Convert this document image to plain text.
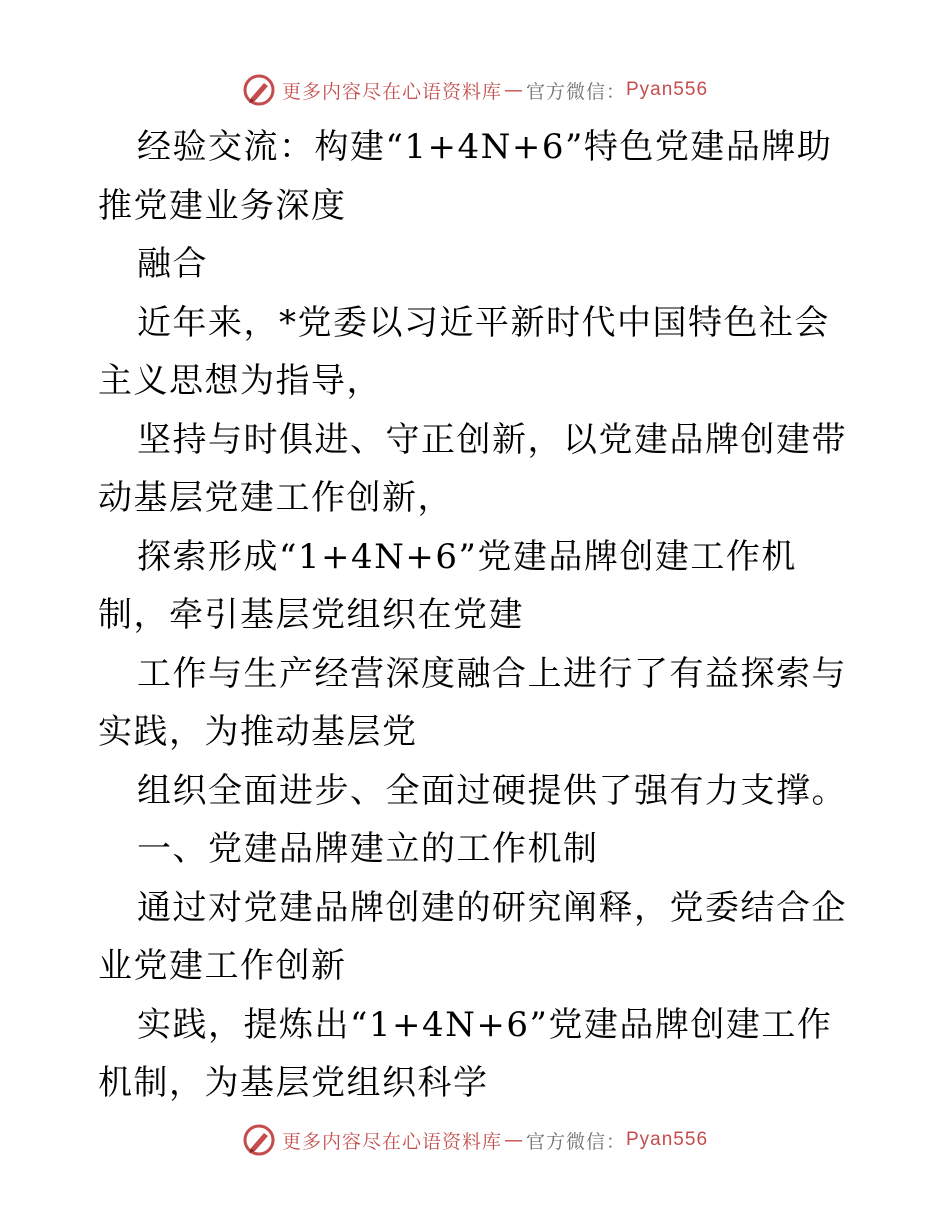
更多内容尽在心语资料库 — 官方微信： Pyan556

经验交流：构建“1+4N+6”特色党建品牌助推党建业务深度

融合

近年来，*党委以习近平新时代中国特色社会主义思想为指导，

坚持与时俱进、守正创新，以党建品牌创建带动基层党建工作创新，

探索形成“1+4N+6”党建品牌创建工作机制，牵引基层党组织在党建

工作与生产经营深度融合上进行了有益探索与实践，为推动基层党

组织全面进步、全面过硬提供了强有力支撑。

一、党建品牌建立的工作机制

通过对党建品牌创建的研究阐释，党委结合企业党建工作创新

实践，提炼出“1+4N+6”党建品牌创建工作机制，为基层党组织科学

更多内容尽在心语资料库 — 官方微信： Pyan556
